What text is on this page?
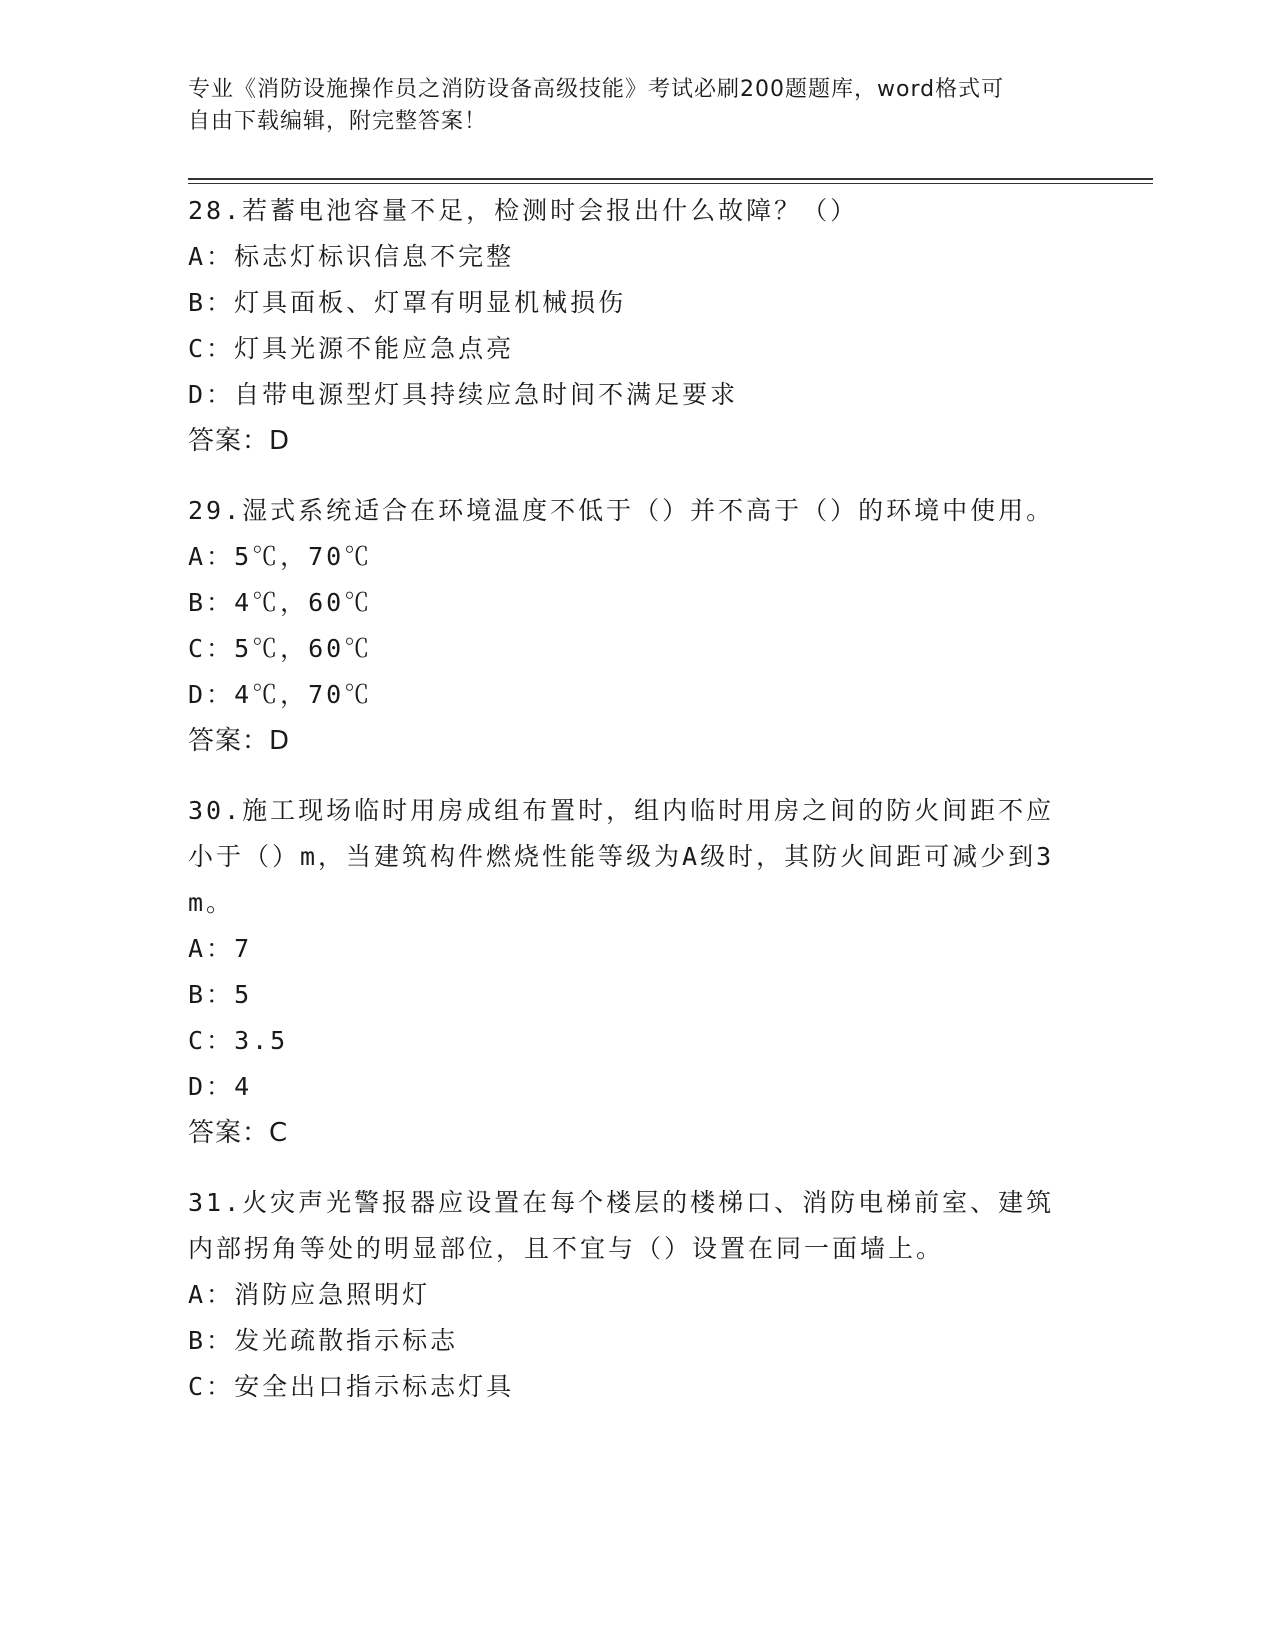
专业《消防设施操作员之消防设备高级技能》考试必刷200题题库，word格式可
自由下载编辑，附完整答案！

28.若蓄电池容量不足，检测时会报出什么故障？（）

A：标志灯标识信息不完整

B：灯具面板、灯罩有明显机械损伤

C：灯具光源不能应急点亮

D：自带电源型灯具持续应急时间不满足要求

答案：D

29.湿式系统适合在环境温度不低于（）并不高于（）的环境中使用。

A：5℃，70℃

B：4℃，60℃

C：5℃，60℃

D：4℃，70℃

答案：D

30.施工现场临时用房成组布置时，组内临时用房之间的防火间距不应小于（）m，当建筑构件燃烧性能等级为A级时，其防火间距可减少到3m。

A：7

B：5

C：3.5

D：4

答案：C

31.火灾声光警报器应设置在每个楼层的楼梯口、消防电梯前室、建筑内部拐角等处的明显部位，且不宜与（）设置在同一面墙上。

A：消防应急照明灯

B：发光疏散指示标志

C：安全出口指示标志灯具
